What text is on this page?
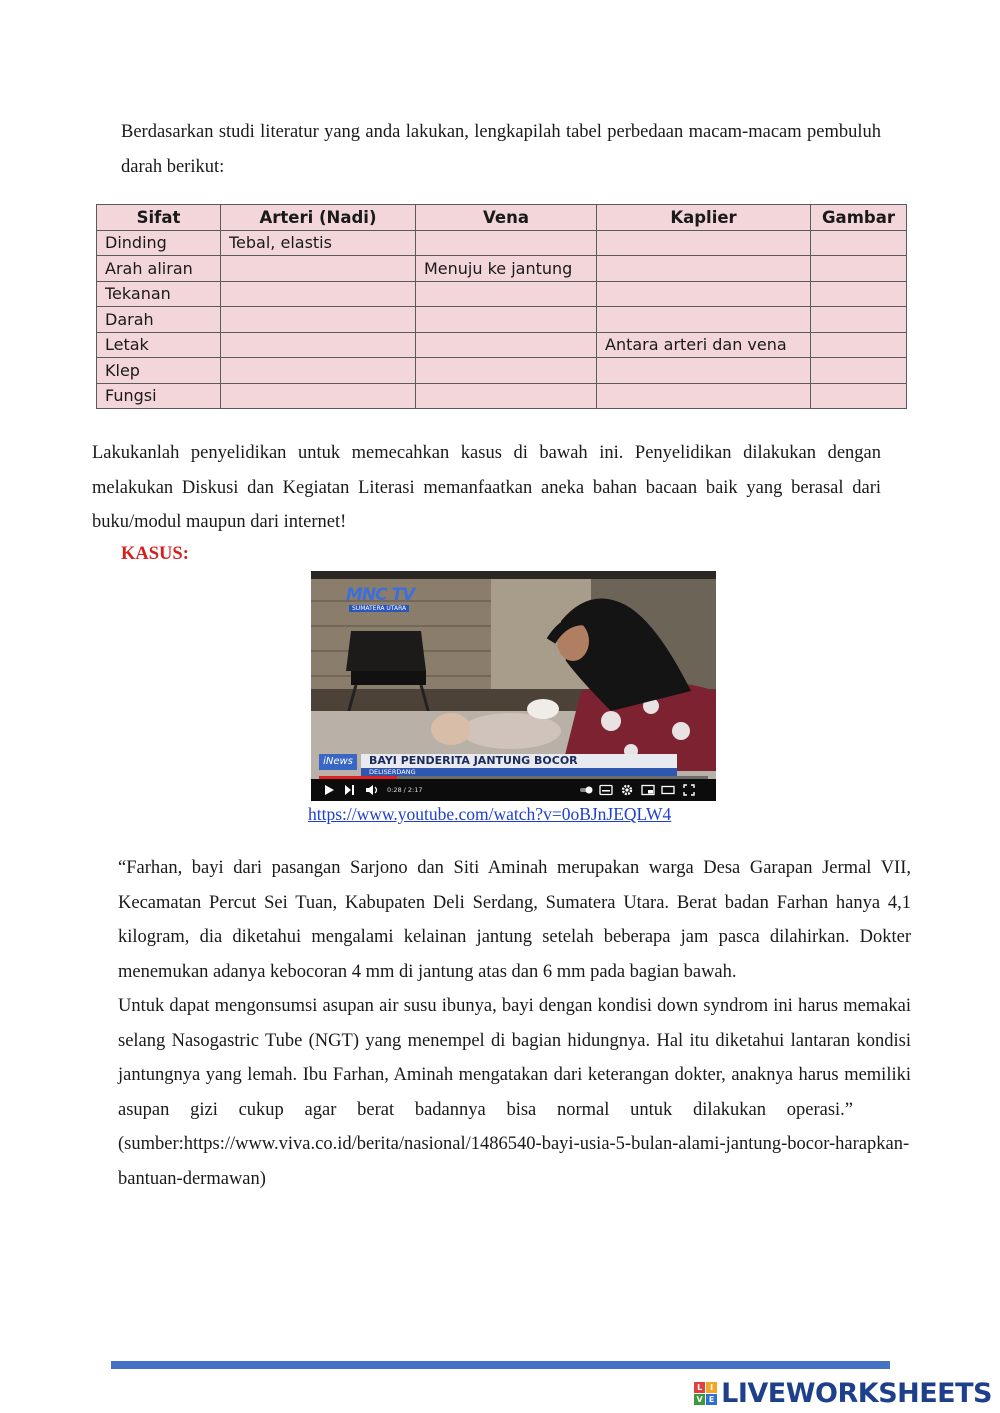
Berdasarkan studi literatur yang anda lakukan, lengkapilah tabel perbedaan macam-macam pembuluh darah berikut:
Sifat	Arteri (Nadi)	Vena	Kaplier	Gambar
Dinding	Tebal, elastis			
Arah aliran		Menuju ke jantung		
Tekanan				
Darah				
Letak			Antara arteri dan vena	
Klep				
Fungsi				
Lakukanlah penyelidikan untuk memecahkan kasus di bawah ini. Penyelidikan dilakukan dengan melakukan Diskusi dan Kegiatan Literasi memanfaatkan aneka bahan bacaan baik yang berasal dari buku/modul maupun dari internet!
KASUS:
MNC TV
SUMATERA UTARA
iNews	BAYI PENDERITA JANTUNG BOCOR
DELISERDANG
0:28 / 2:17
https://www.youtube.com/watch?v=0oBJnJEQLW4

“Farhan, bayi dari pasangan Sarjono dan Siti Aminah merupakan warga Desa Garapan Jermal VII, Kecamatan Percut Sei Tuan, Kabupaten Deli Serdang, Sumatera Utara. Berat badan Farhan hanya 4,1 kilogram, dia diketahui mengalami kelainan jantung setelah beberapa jam pasca dilahirkan. Dokter menemukan adanya kebocoran 4 mm di jantung atas dan 6 mm pada bagian bawah.

Untuk dapat mengonsumsi asupan air susu ibunya, bayi dengan kondisi down syndrom ini harus memakai selang Nasogastric Tube (NGT) yang menempel di bagian hidungnya. Hal itu diketahui lantaran kondisi jantungnya yang lemah. Ibu Farhan, Aminah mengatakan dari keterangan dokter, anaknya harus memiliki asupan gizi cukup agar berat badannya bisa normal untuk dilakukan operasi.”(sumber:https://www.viva.co.id/berita/nasional/1486540-bayi-usia-5-bulan-alami-jantung-bocor-harapkan-bantuan-dermawan)

L I
V E LIVEWORKSHEETS
